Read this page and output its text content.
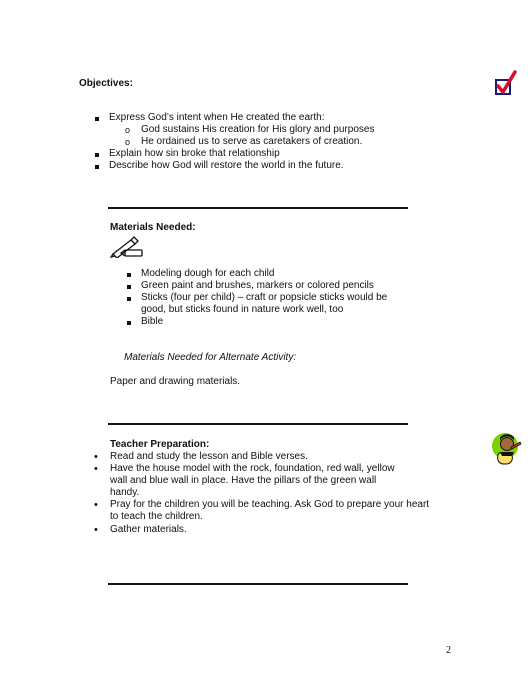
Objectives:
Express God’s intent when He created the earth:
o God sustains His creation for His glory and purposes
o He ordained us to serve as caretakers of creation.
Explain how sin broke that relationship
Describe how God will restore the world in the future.
Materials Needed:
Modeling dough for each child
Green paint and brushes, markers or colored pencils
Sticks (four per child) – craft or popsicle sticks would be
good, but sticks found in nature work well, too
Bible
Materials Needed for Alternate Activity:
Paper and drawing materials.
Teacher Preparation:
• Read and study the lesson and Bible verses.
• Have the house model with the rock, foundation, red wall, yellow
wall and blue wall in place. Have the pillars of the green wall
handy.
• Pray for the children you will be teaching. Ask God to prepare your heart
to teach the children.
• Gather materials.
2
